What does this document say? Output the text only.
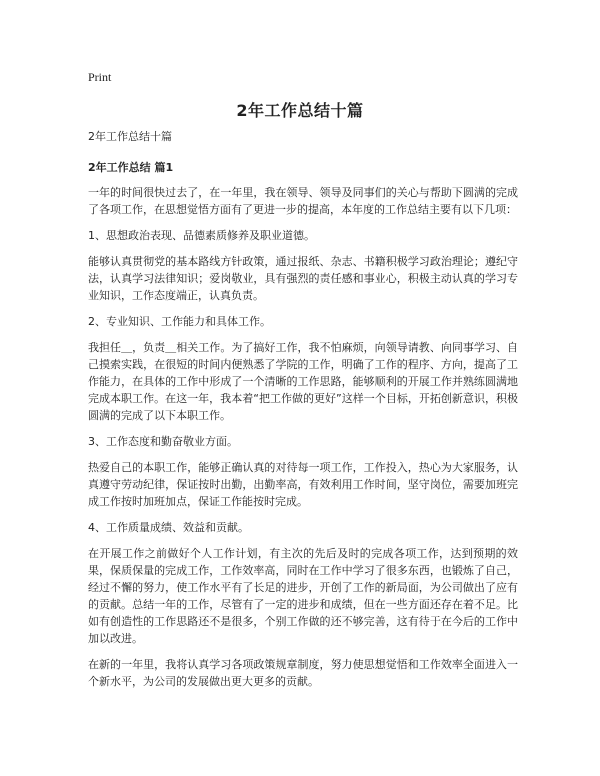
Print
2年工作总结十篇

2年工作总结十篇

2年工作总结 篇1

一年的时间很快过去了，在一年里，我在领导、领导及同事们的关心与帮助下圆满的完成了各项工作，在思想觉悟方面有了更进一步的提高，本年度的工作总结主要有以下几项：

1、思想政治表现、品德素质修养及职业道德。

能够认真贯彻党的基本路线方针政策，通过报纸、杂志、书籍积极学习政治理论；遵纪守法，认真学习法律知识；爱岗敬业，具有强烈的责任感和事业心，积极主动认真的学习专业知识，工作态度端正，认真负责。

2、专业知识、工作能力和具体工作。

我担任＿，负责＿相关工作。为了搞好工作，我不怕麻烦，向领导请教、向同事学习、自己摸索实践，在很短的时间内便熟悉了学院的工作，明确了工作的程序、方向，提高了工作能力，在具体的工作中形成了一个清晰的工作思路，能够顺利的开展工作并熟练圆满地完成本职工作。在这一年，我本着“把工作做的更好”这样一个目标，开拓创新意识，积极圆满的完成了以下本职工作。

3、工作态度和勤奋敬业方面。

热爱自己的本职工作，能够正确认真的对待每一项工作，工作投入，热心为大家服务，认真遵守劳动纪律，保证按时出勤，出勤率高，有效利用工作时间，坚守岗位，需要加班完成工作按时加班加点，保证工作能按时完成。

4、工作质量成绩、效益和贡献。

在开展工作之前做好个人工作计划，有主次的先后及时的完成各项工作，达到预期的效果，保质保量的完成工作，工作效率高，同时在工作中学习了很多东西，也锻炼了自己，经过不懈的努力，使工作水平有了长足的进步，开创了工作的新局面，为公司做出了应有的贡献。总结一年的工作，尽管有了一定的进步和成绩，但在一些方面还存在着不足。比如有创造性的工作思路还不是很多，个别工作做的还不够完善，这有待于在今后的工作中加以改进。

在新的一年里，我将认真学习各项政策规章制度，努力使思想觉悟和工作效率全面进入一个新水平，为公司的发展做出更大更多的贡献。
